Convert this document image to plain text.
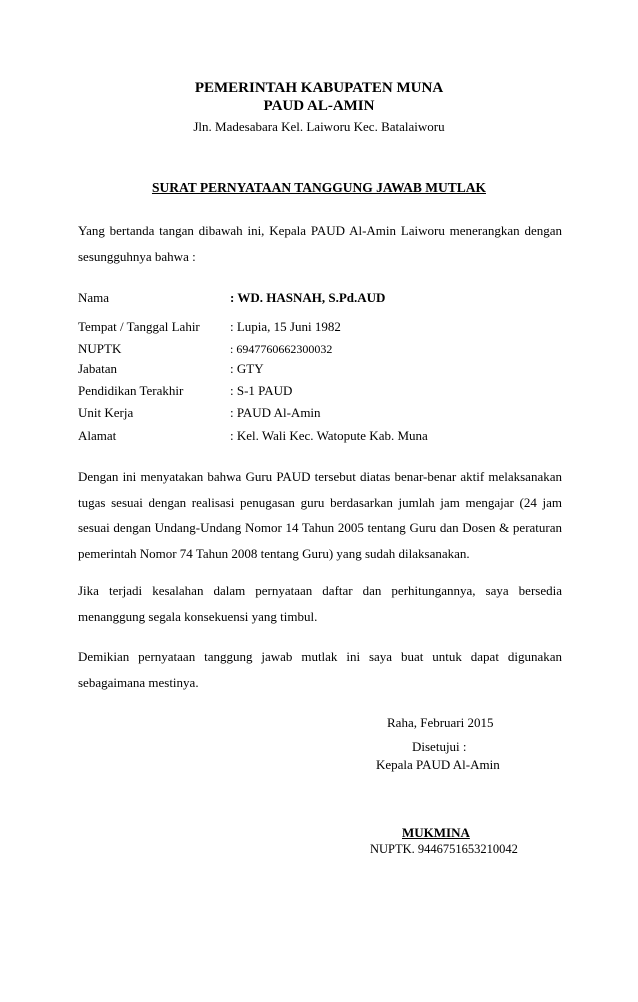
PEMERINTAH KABUPATEN MUNA
PAUD AL-AMIN
Jln. Madesabara Kel. Laiworu Kec. Batalaiworu
SURAT PERNYATAAN TANGGUNG JAWAB MUTLAK
Yang bertanda tangan dibawah ini, Kepala PAUD Al-Amin Laiworu menerangkan dengan sesungguhnya bahwa :
Nama	: WD. HASNAH, S.Pd.AUD
Tempat / Tanggal Lahir : Lupia, 15 Juni 1982
NUPTK	: 6947760662300032
Jabatan	: GTY
Pendidikan Terakhir	: S-1 PAUD
Unit Kerja	: PAUD Al-Amin
Alamat	: Kel. Wali Kec. Watopute Kab. Muna
Dengan ini menyatakan bahwa Guru PAUD tersebut diatas benar-benar aktif melaksanakan tugas sesuai dengan realisasi penugasan guru berdasarkan jumlah jam mengajar (24 jam sesuai dengan Undang-Undang Nomor 14 Tahun 2005 tentang Guru dan Dosen & peraturan pemerintah Nomor 74 Tahun 2008 tentang Guru) yang sudah dilaksanakan.
Jika terjadi kesalahan dalam pernyataan daftar dan perhitungannya, saya bersedia menanggung segala konsekuensi yang timbul.
Demikian pernyataan tanggung jawab mutlak ini saya buat untuk dapat digunakan sebagaimana mestinya.
Raha, Februari 2015
Disetujui :
Kepala PAUD Al-Amin
MUKMINA
NUPTK. 9446751653210042
